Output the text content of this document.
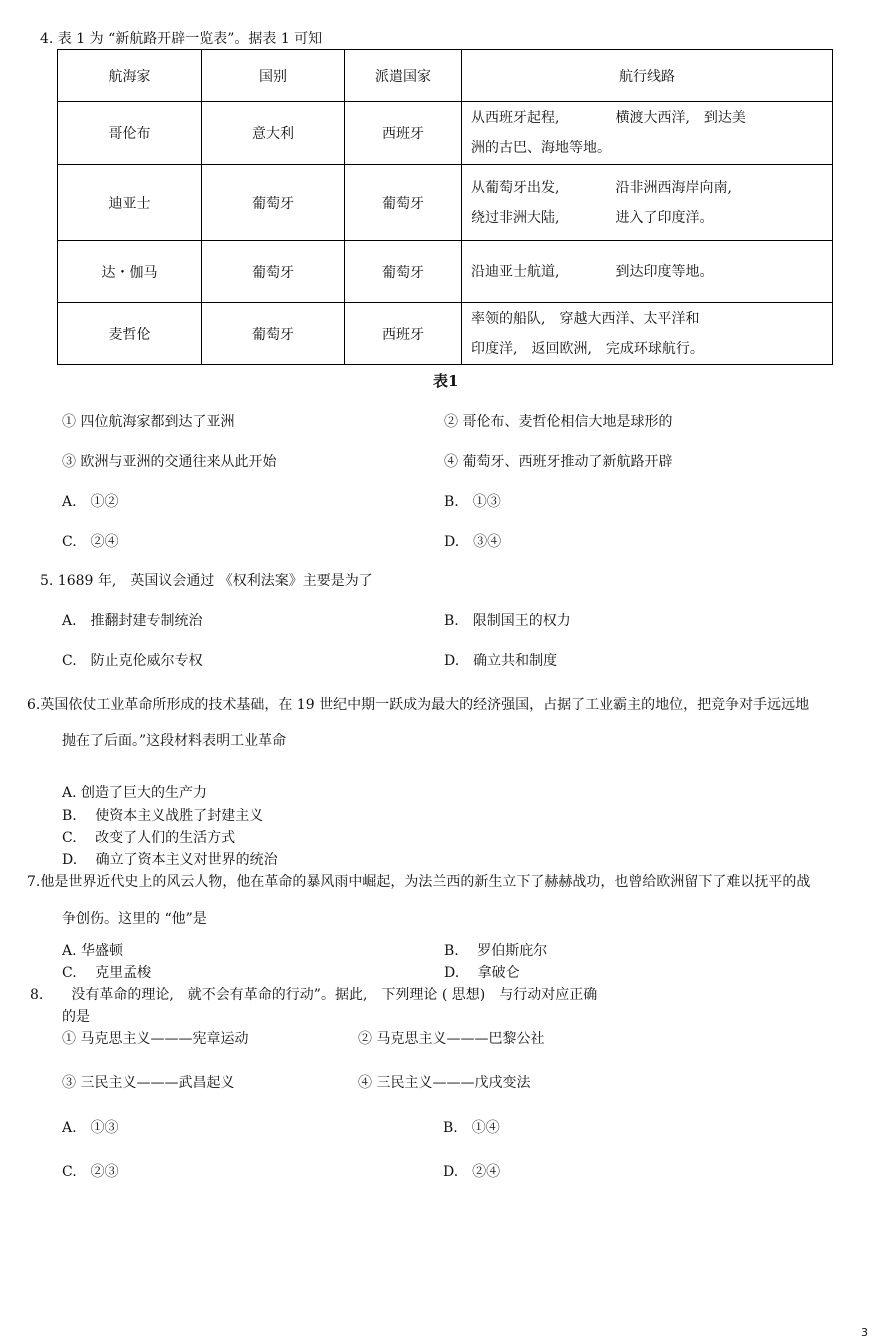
4. 表 1 为 “新航路开辟一览表”。据表 1 可知
航海家	国别	派遣国家	航行线路
哥伦布	意大利	西班牙	从西班牙起程,　　　　横渡大西洋,　到达美
洲的古巴、海地等地。

迪亚士	葡萄牙	葡萄牙	从葡萄牙出发,　　　　沿非洲西海岸向南,
绕过非洲大陆,　　　　进入了印度洋。

达・伽马	葡萄牙	葡萄牙	沿迪亚士航道,　　　　到达印度等地。

麦哲伦	葡萄牙	西班牙	率领的船队,　穿越大西洋、太平洋和
印度洋,　返回欧洲,　完成环球航行。
表1
① 四位航海家都到达了亚洲	② 哥伦布、麦哲伦相信大地是球形的
③ 欧洲与亚洲的交通往来从此开始	④ 葡萄牙、西班牙推动了新航路开辟
A.　①②	B.　①③
C.　②④	D.　③④
5. 1689 年,　英国议会通过 《权利法案》主要是为了
A.　推翻封建专制统治	B.　限制国王的权力
C.　防止克伦威尔专权	D.　确立共和制度
6.英国依仗工业革命所形成的技术基础，在 19 世纪中期一跃成为最大的经济强国，占据了工业霸主的地位，把竞争对手远远地
抛在了后面。”这段材料表明工业革命
A. 创造了巨大的生产力
B.　 使资本主义战胜了封建主义
C.　 改变了人们的生活方式
D.　 确立了资本主义对世界的统治
7.他是世界近代史上的风云人物，他在革命的暴风雨中崛起，为法兰西的新生立下了赫赫战功，也曾给欧洲留下了难以抚平的战
争创伤。这里的 “他”是
A. 华盛顿	B.　 罗伯斯庇尔
C.　 克里孟梭	D.　 拿破仑
8.　　没有革命的理论,　就不会有革命的行动”。据此,　下列理论 ( 思想)　与行动对应正确
的是
① 马克思主义———宪章运动	② 马克思主义———巴黎公社
③ 三民主义———武昌起义	④ 三民主义———戊戌变法
A.　①③	B.　①④
C.　②③	D.　②④
3
